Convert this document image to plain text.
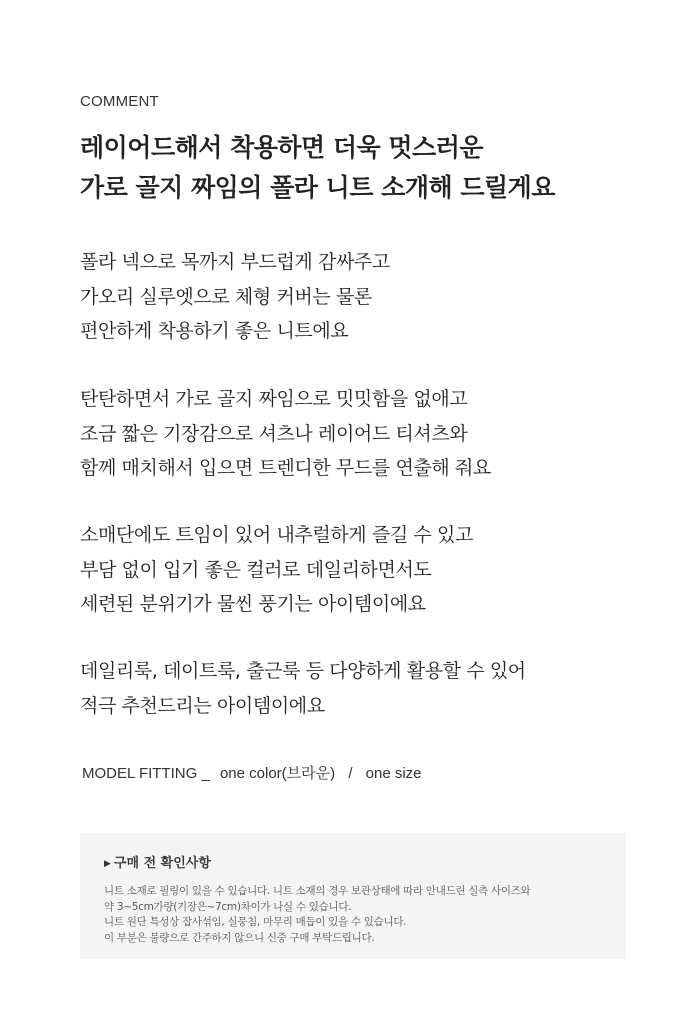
COMMENT
레이어드해서 착용하면 더욱 멋스러운
가로 골지 짜임의 폴라 니트 소개해 드릴게요
폴라 넥으로 목까지 부드럽게 감싸주고
가오리 실루엣으로 체형 커버는 물론
편안하게 착용하기 좋은 니트에요
탄탄하면서 가로 골지 짜임으로 밋밋함을 없애고
조금 짧은 기장감으로 셔츠나 레이어드 티셔츠와
함께 매치해서 입으면 트렌디한 무드를 연출해 줘요
소매단에도 트임이 있어 내추럴하게 즐길 수 있고
부담 없이 입기 좋은 컬러로 데일리하면서도
세련된 분위기가 물씬 풍기는 아이템이에요
데일리룩, 데이트룩, 출근룩 등 다양하게 활용할 수 있어
적극 추천드리는 아이템이에요
MODEL FITTING _ one color(브라운) / one size
▶ 구매 전 확인사항
니트 소재로 필링이 있을 수 있습니다. 니트 소재의 경우 보관상태에 따라 안내드린 실측 사이즈와
약 3~5cm가량(기장은~7cm)차이가 나실 수 있습니다.
니트 원단 특성상 잡사섞임, 실뭉침, 마무리 매듭이 있을 수 있습니다.
이 부분은 불량으로 간주하지 않으니 신중 구매 부탁드립니다.
